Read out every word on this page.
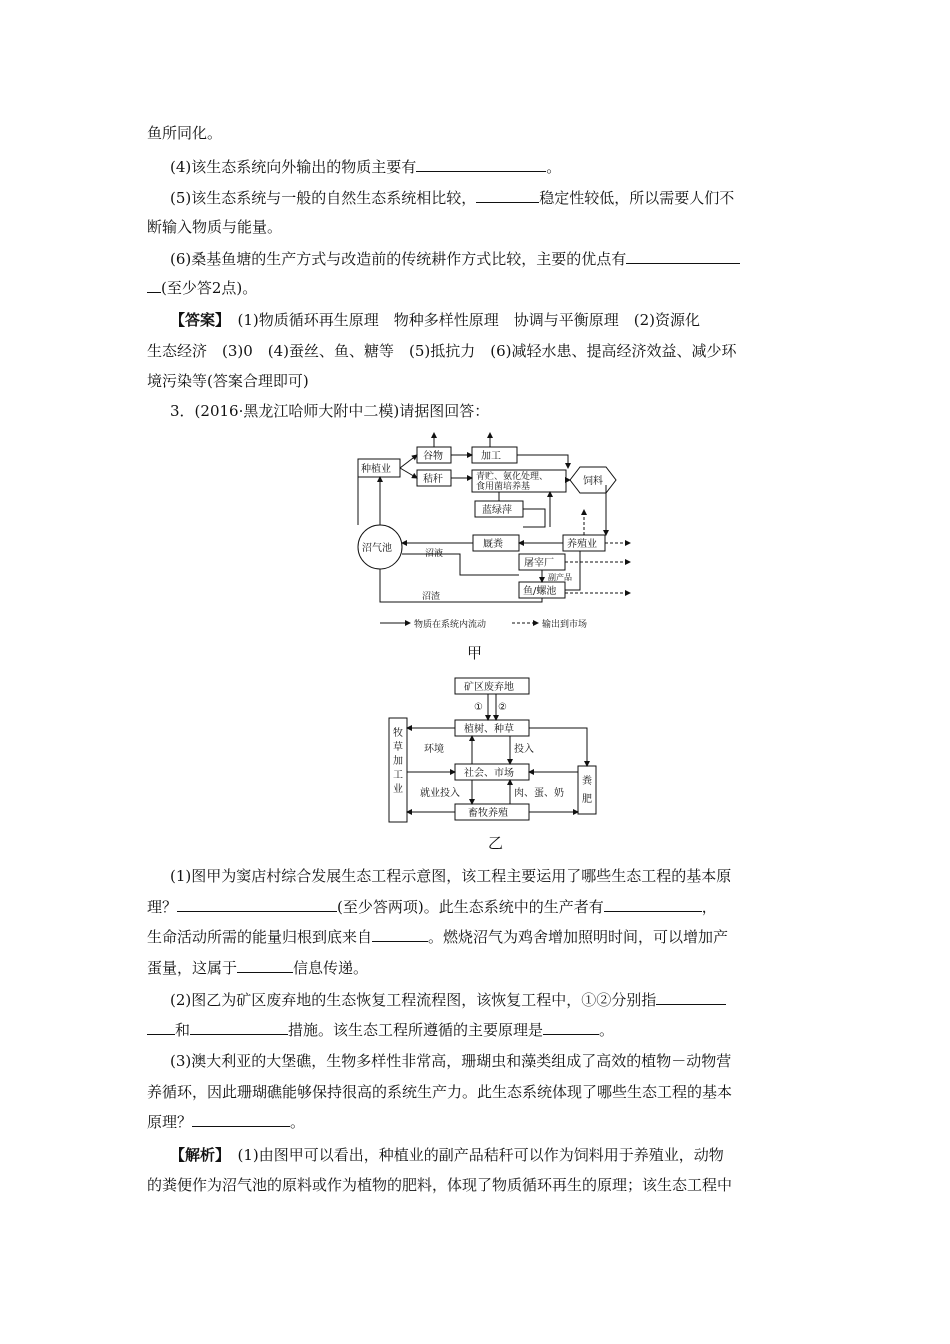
鱼所同化。
(4)该生态系统向外输出的物质主要有	。
(5)该生态系统与一般的自然生态系统相比较，	稳定性较低，所以需要人们不
断输入物质与能量。
(6)桑基鱼塘的生产方式与改造前的传统耕作方式比较，主要的优点有
(至少答2点)。
【答案】　 (1)物质循环再生原理　物种多样性原理　协调与平衡原理　(2)资源化
生态经济　(3)0　(4)蚕丝、鱼、糖等　(5)抵抗力　(6)减轻水患、提高经济效益、减少环
境污染等(答案合理即可)
3．(2016·黑龙江哈师大附中二模)请据图回答：
种植业
谷物
秸秆
加工
青贮、氨化处理、
食用菌培养基	饲料
蓝绿萍
沼气池	厩粪	养殖业
沼液
屠宰厂
副产品
鱼/螺池
沼渣
物质在系统内流动	输出到市场
甲
矿区废弃地
① ②
植树、种草
牧
草
加
工
业
环境	投入
社会、市场
粪
肥
就业投入	肉、蛋、奶
畜牧养殖
乙
(1)图甲为窦店村综合发展生态工程示意图，该工程主要运用了哪些生态工程的基本原
理？	(至少答两项)。此生态系统中的生产者有	，
生命活动所需的能量归根到底来自	。燃烧沼气为鸡舍增加照明时间，可以增加产
蛋量，这属于	信息传递。
(2)图乙为矿区废弃地的生态恢复工程流程图，该恢复工程中，①②分别指
和	措施。该生态工程所遵循的主要原理是	。
(3)澳大利亚的大堡礁，生物多样性非常高，珊瑚虫和藻类组成了高效的植物－动物营
养循环，因此珊瑚礁能够保持很高的系统生产力。此生态系统体现了哪些生态工程的基本
原理？	。
【解析】　 (1)由图甲可以看出，种植业的副产品秸秆可以作为饲料用于养殖业，动物
的粪便作为沼气池的原料或作为植物的肥料，体现了物质循环再生的原理；该生态工程中
